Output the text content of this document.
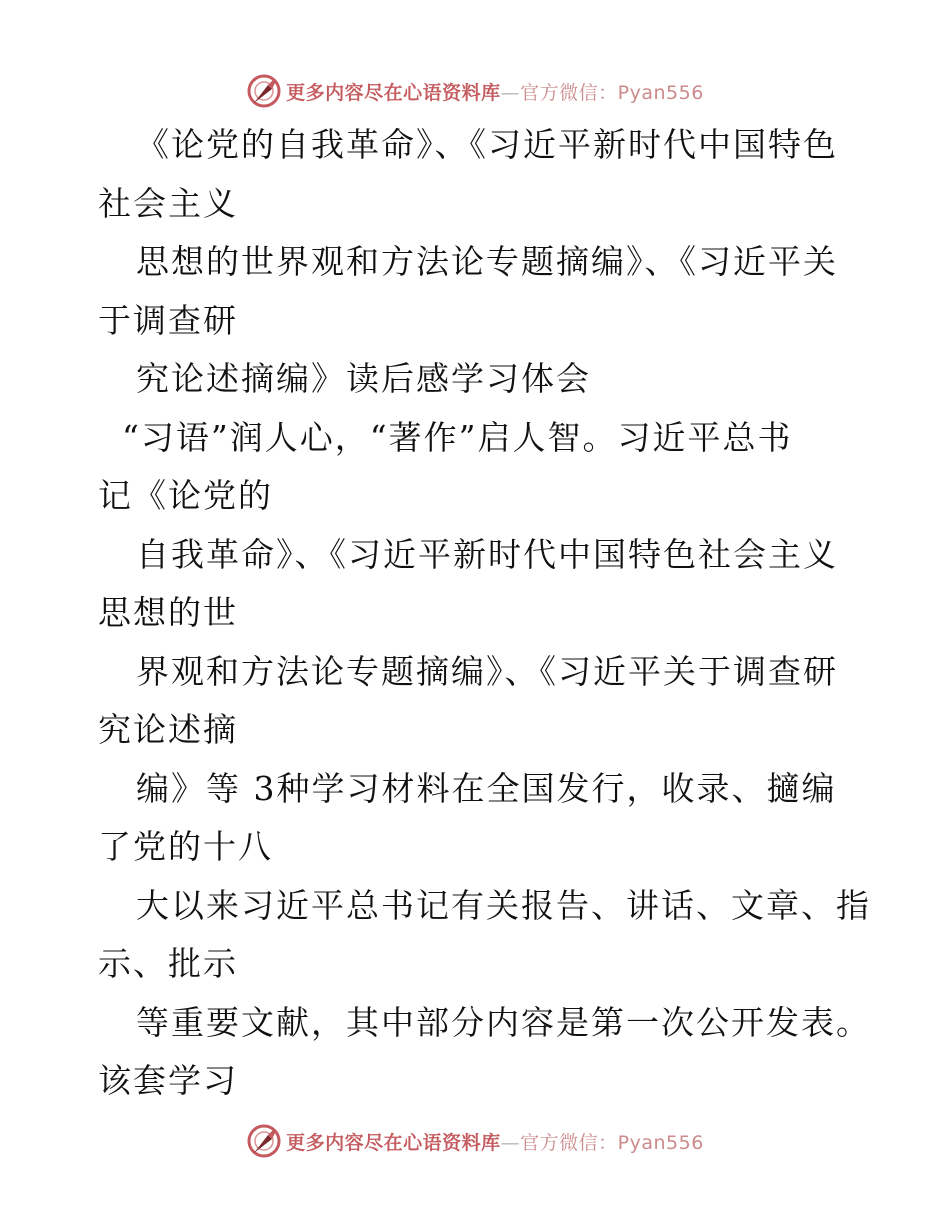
更多内容尽在心语资料库—官方微信：Pyan556
《论党的自我革命》、《习近平新时代中国特色
社会主义
思想的世界观和方法论专题摘编》、《习近平关
于调查研
究论述摘编》读后感学习体会
“习语”润人心，“著作”启人智。习近平总书
记《论党的
自我革命》、《习近平新时代中国特色社会主义
思想的世
界观和方法论专题摘编》、《习近平关于调查研
究论述摘
编》等 3种学习材料在全国发行，收录、擿编
了党的十八
大以来习近平总书记有关报告、讲话、文章、指
示、批示
等重要文献，其中部分内容是第一次公开发表。
该套学习
更多内容尽在心语资料库—官方微信：Pyan556
